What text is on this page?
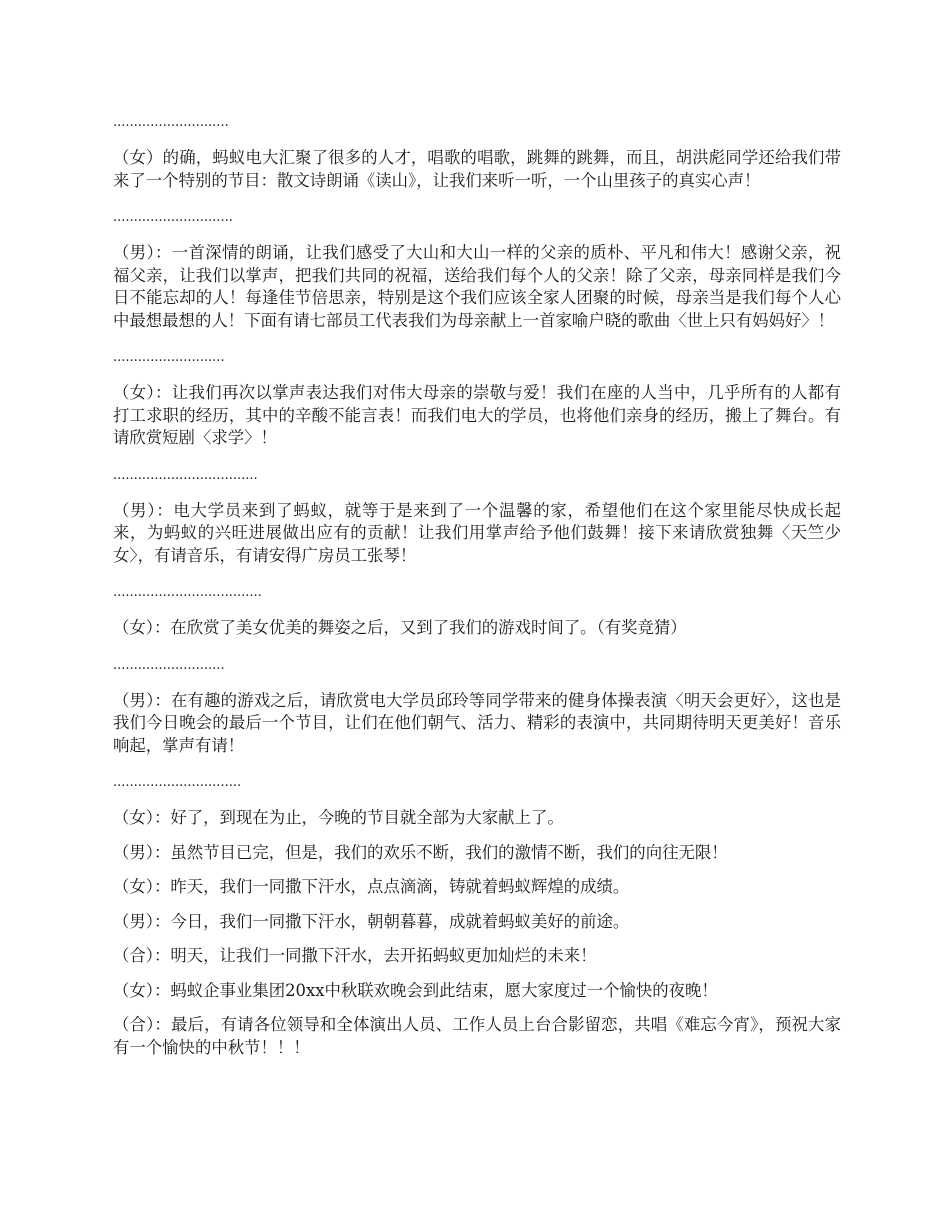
............................

（女）的确，蚂蚁电大汇聚了很多的人才，唱歌的唱歌，跳舞的跳舞，而且，胡洪彪同学还给我们带来了一个特别的节目：散文诗朗诵《读山》，让我们来听一听，一个山里孩子的真实心声！

.............................

（男）：一首深情的朗诵，让我们感受了大山和大山一样的父亲的质朴、平凡和伟大！感谢父亲，祝福父亲，让我们以掌声，把我们共同的祝福，送给我们每个人的父亲！除了父亲，母亲同样是我们今日不能忘却的人！每逢佳节倍思亲，特别是这个我们应该全家人团聚的时候，母亲当是我们每个人心中最想最想的人！下面有请七部员工代表我们为母亲献上一首家喻户晓的歌曲〈世上只有妈妈好〉！

...........................

（女）：让我们再次以掌声表达我们对伟大母亲的崇敬与爱！我们在座的人当中，几乎所有的人都有打工求职的经历，其中的辛酸不能言表！而我们电大的学员，也将他们亲身的经历，搬上了舞台。有请欣赏短剧〈求学〉！

...................................

（男）：电大学员来到了蚂蚁，就等于是来到了一个温馨的家，希望他们在这个家里能尽快成长起来，为蚂蚁的兴旺进展做出应有的贡献！让我们用掌声给予他们鼓舞！接下来请欣赏独舞〈天竺少女〉，有请音乐，有请安得广房员工张琴！

....................................

（女）：在欣赏了美女优美的舞姿之后，又到了我们的游戏时间了。（有奖竞猜）

...........................

（男）：在有趣的游戏之后，请欣赏电大学员邱玲等同学带来的健身体操表演〈明天会更好〉，这也是我们今日晚会的最后一个节目，让们在他们朝气、活力、精彩的表演中，共同期待明天更美好！音乐响起，掌声有请！

...............................

（女）：好了，到现在为止，今晚的节目就全部为大家献上了。

（男）：虽然节目已完，但是，我们的欢乐不断，我们的激情不断，我们的向往无限！

（女）：昨天，我们一同撒下汗水，点点滴滴，铸就着蚂蚁辉煌的成绩。

（男）：今日，我们一同撒下汗水，朝朝暮暮，成就着蚂蚁美好的前途。

（合）：明天，让我们一同撒下汗水，去开拓蚂蚁更加灿烂的未来！

（女）：蚂蚁企事业集团20xx中秋联欢晚会到此结束，愿大家度过一个愉快的夜晚！

（合）：最后，有请各位领导和全体演出人员、工作人员上台合影留恋，共唱《难忘今宵》，预祝大家有一个愉快的中秋节！！！
